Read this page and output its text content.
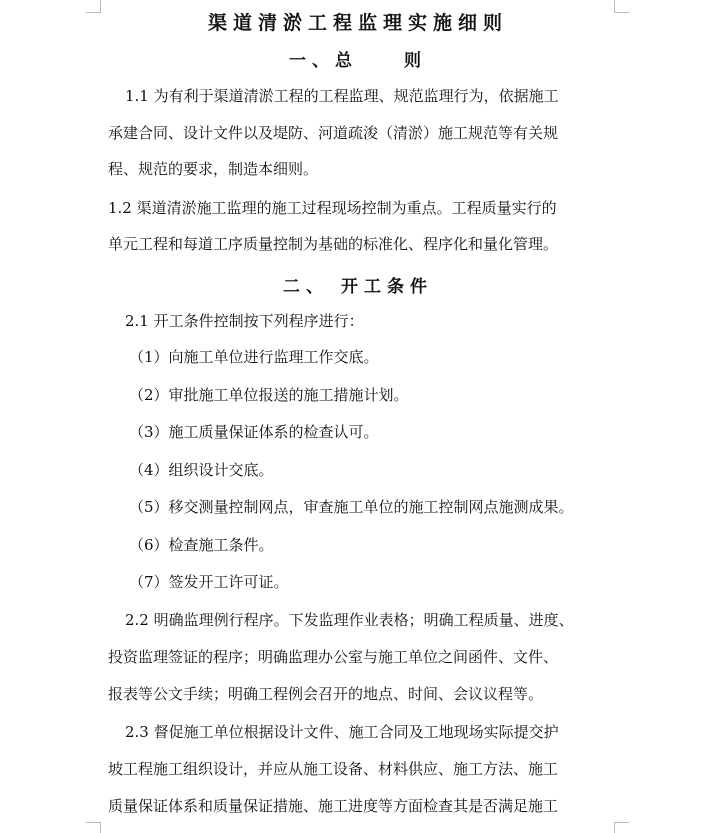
渠道清淤工程监理实施细则
一、总　　则
1.1 为有利于渠道清淤工程的工程监理、规范监理行为，依据施工
承建合同、设计文件以及堤防、河道疏浚（清淤）施工规范等有关规
程、规范的要求，制造本细则。
1.2 渠道清淤施工监理的施工过程现场控制为重点。工程质量实行的
单元工程和每道工序质量控制为基础的标准化、程序化和量化管理。
二、 开工条件
2.1 开工条件控制按下列程序进行：
（1）向施工单位进行监理工作交底。
（2）审批施工单位报送的施工措施计划。
（3）施工质量保证体系的检查认可。
（4）组织设计交底。
（5）移交测量控制网点，审查施工单位的施工控制网点施测成果。
（6）检查施工条件。
（7）签发开工许可证。
2.2 明确监理例行程序。下发监理作业表格；明确工程质量、进度、
投资监理签证的程序；明确监理办公室与施工单位之间函件、文件、
报表等公文手续；明确工程例会召开的地点、时间、会议议程等。
2.3 督促施工单位根据设计文件、施工合同及工地现场实际提交护
坡工程施工组织设计，并应从施工设备、材料供应、施工方法、施工
质量保证体系和质量保证措施、施工进度等方面检查其是否满足施工
